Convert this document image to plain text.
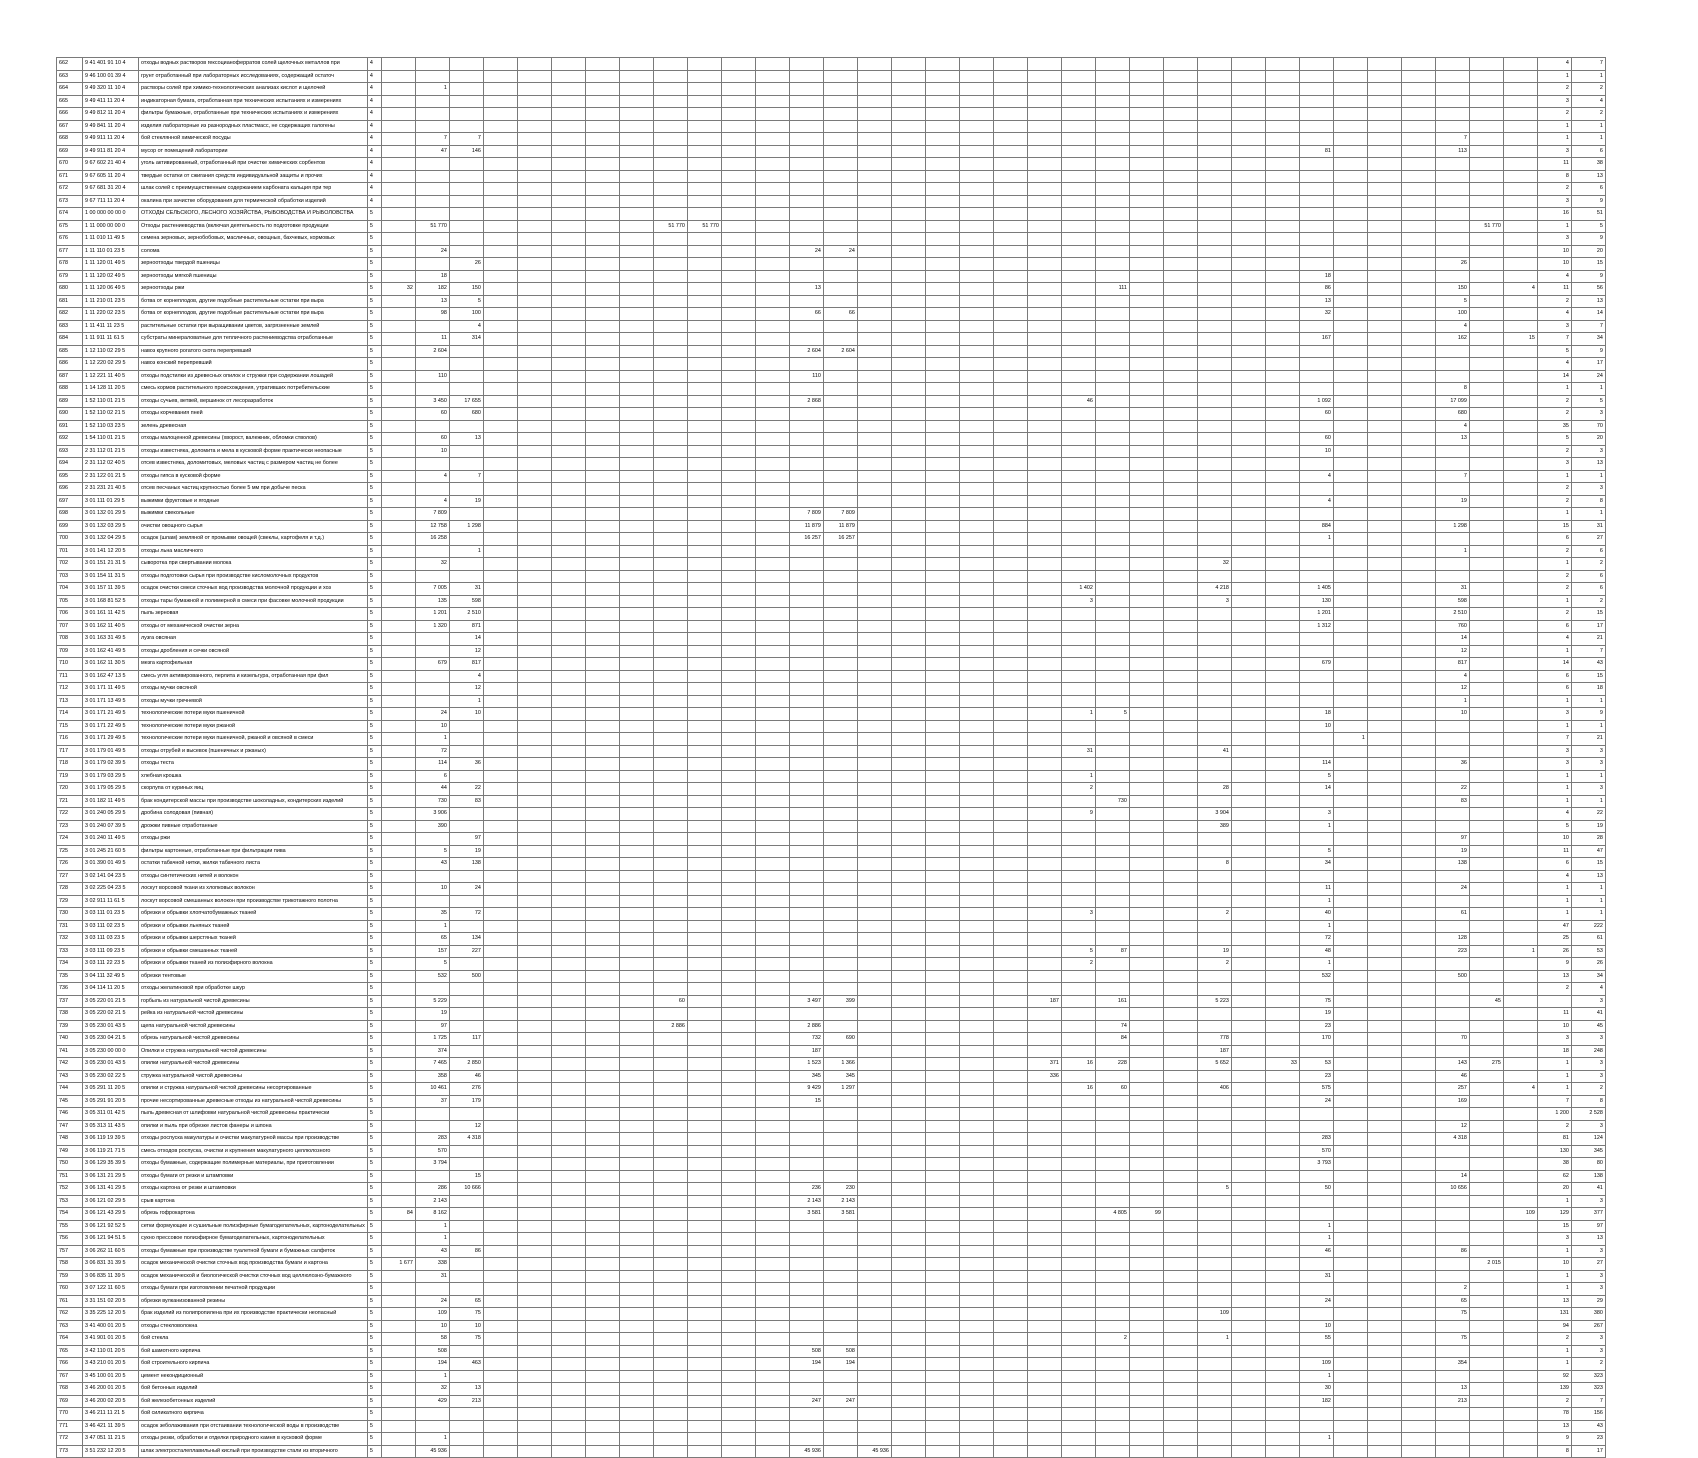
662	9 41 401 91 10 4	отходы водных растворов гексоцианоферратов солей щелочных металлов при	4																																			4	7
663	9 46 100 01 39 4	грунт отработанный при лабораторных исследованиях, содержащий остаточ	4																																			1	1
664	9 49 320 11 10 4	растворы солей при химико-технологических анализах кислот и щелочей	4		1																																	2	2
665	9 49 411 11 20 4	индикаторная бумага, отработанная при технических испытаниях и измерениях	4																																			3	4
666	9 49 812 11 20 4	фильтры бумажные, отработанные при технических испытаниях и измерениях	4																																			2	2
667	9 49 841 11 20 4	изделия лабораторные из разнородных пластмасс, не содержащих галогены	4																																			1	1
668	9 49 911 11 20 4	бой стеклянной химической посуды	4		7	7																													7			1	1
669	9 49 911 81 20 4	мусор от помещений лаборатории	4		47	146																									81				113			3	6
670	9 67 602 21 40 4	уголь активированный, отработанный при очистке химических сорбентов	4																																			11	38
671	9 67 605 11 20 4	твердые остатки от сжигания средств индивидуальной защиты и прочих	4																																			8	13
672	9 67 681 31 20 4	шлак солей с преимущественным содержанием карбоната кальция при тер	4																																			2	6
673	9 67 711 11 20 4	окалина при зачистке оборудования для термической обработки изделий	4																																			3	9
674	1 00 000 00 00 0	ОТХОДЫ СЕЛЬСКОГО, ЛЕСНОГО ХОЗЯЙСТВА, РЫБОВОДСТВА И РЫБОЛОВСТВА	5																																			16	51
675	1 11 000 00 00 0	Отходы растениеводства (включая деятельность по подготовке продукции	5		51 770							51 770	51 770																							51 770		1	5
676	1 11 010 11 49 5	семена зерновых, зернобобовых, масличных, овощных, бахчевых, кормовых	5																																			3	9
677	1 11 110 01 23 5	солома	5		24											24	24																					10	20
678	1 11 120 01 49 5	зерноотходы твердой пшеницы	5			26																													26			10	15
679	1 11 120 02 49 5	зерноотходы мягкой пшеницы	5		18																										18							4	9
680	1 11 120 06 49 5	зерноотходы ржи	5	32	182	150										13									111						86				150		4	11	56
681	1 11 210 01 23 5	ботва от корнеплодов, другие подобные растительные остатки при выра	5		13	5																									13				5			2	13
682	1 11 220 02 23 5	ботва от корнеплодов, другие подобные растительные остатки при выра	5		98	100										66	66														32				100			4	14
683	1 11 411 11 23 5	растительные остатки при выращивании цветов, загрязненные землей	5			4																													4			3	7
684	1 11 911 11 61 5	субстраты минераловатные для тепличного растениеводства отработанные	5		11	314																									167				162		15	7	34
685	1 12 110 02 29 5	навоз крупного рогатого скота перепревший	5		2 604											2 604	2 604																					5	9
686	1 12 220 02 29 5	навоз конский перепревший	5																																			4	17
687	1 12 221 11 40 5	отходы подстилки из древесных опилок и стружки при содержании лошадей	5		110											110																						14	24
688	1 14 128 11 20 5	смесь кормов растительного происхождения, утративших потребительские	5																																8			1	1
689	1 52 110 01 21 5	отходы сучьев, ветвей, вершинок от лесоразработок	5		3 450	17 655										2 868								46							1 092				17 099			2	5
690	1 52 110 02 21 5	отходы корчевания пней	5		60	680																									60				680			2	3
691	1 52 110 03 23 5	зелень древесная	5																																4			35	70
692	1 54 110 01 21 5	отходы малоценной древесины (хворост, валежник, обломки стволов)	5		60	13																									60				13			5	20
693	2 31 112 01 21 5	отходы известняка, доломита и мела в кусковой форме практически неопасные	5		10																										10							2	3
694	2 31 112 02 40 5	отсев известняка, доломитовых, меловых частиц с размером частиц не более	5																																			3	13
695	2 31 122 01 21 5	отходы гипса в кусковой форме	5		4	7																									4				7			1	1
696	2 31 231 21 40 5	отсев песчаных частиц крупностью более 5 мм при добыче песка	5																																			2	3
697	3 01 111 01 29 5	выжимки фруктовые и ягодные	5		4	19																									4				19			2	8
698	3 01 132 01 29 5	выжимки свекольные	5		7 809											7 809	7 809																					1	1
699	3 01 132 03 29 5	очистки овощного сырья	5		12 758	1 298										11 879	11 879														884				1 298			15	31
700	3 01 132 04 29 5	осадок (шлам) земляной от промывки овощей (свеклы, картофеля и т.д.)	5		16 258											16 257	16 257														1							6	27
701	3 01 141 12 20 5	отходы льна масличного	5			1																													1			2	6
702	3 01 151 21 31 5	сыворотка при свертывании молока	5		32																							32										1	2
703	3 01 154 11 31 5	отходы подготовки сырья при производстве кисломолочных продуктов	5																																			2	6
704	3 01 157 11 39 5	осадок очистки смеси сточных вод производства молочной продукции и хоз	5		7 005	31																		1 402				4 218			1 405				31			2	6
705	3 01 168 81 52 5	отходы тары бумажной и полимерной в смеси при фасовке молочной продукции	5		135	598																		3				3			130				598			1	2
706	3 01 161 11 42 5	пыль зерновая	5		1 201	2 510																									1 201				2 510			2	15
707	3 01 162 11 40 5	отходы от механической очистки зерна	5		1 320	871																									1 312				760			6	17
708	3 01 163 31 49 5	лузга овсяная	5			14																													14			4	21
709	3 01 162 41 49 5	отходы дробления и сечки овсяной	5			12																													12			1	7
710	3 01 162 11 30 5	мезга картофельная	5		679	817																									679				817			14	43
711	3 01 162 47 13 5	смесь угля активированного, перлита и кизельгура, отработанная при фил	5			4																													4			6	15
712	3 01 171 11 49 5	отходы мучки овсяной	5			12																													12			6	18
713	3 01 171 13 49 5	отходы мучки гречневой	5			1																													1			1	1
714	3 01 171 21 49 5	технологические потери муки пшеничной	5		24	10																		1	5						18				10			3	9
715	3 01 171 22 49 5	технологические потери муки ржаной	5		10																										10							1	1
716	3 01 171 29 49 5	технологические потери муки пшеничной, ржаной и овсяной в смеси	5		1																											1						7	21
717	3 01 179 01 49 5	отходы отрубей и высевок (пшеничных и ржаных)	5		72																			31				41										3	3
718	3 01 179 02 39 5	отходы теста	5		114	36																									114				36			3	3
719	3 01 179 03 29 5	хлебная крошка	5		6																			1							5							1	1
720	3 01 179 05 29 5	скорлупа от куриных яиц	5		44	22																		2				28			14				22			1	3
721	3 01 182 11 49 5	брак кондитерской массы при производстве шоколадных, кондитерских изделий	5		730	83																			730										83			1	1
722	3 01 240 05 29 5	дробина солодовая (пивная)	5		3 906																			9				3 904			3							4	22
723	3 01 240 07 39 5	дрожжи пивные отработанные	5		390																							389			1							5	19
724	3 01 240 11 49 5	отходы ржи	5			97																													97			10	28
725	3 01 245 21 60 5	фильтры картонные, отработанные при фильтрации пива	5		5	19																									5				19			11	47
726	3 01 390 01 49 5	остатки табачной нитки, жилки табачного листа	5		43	138																						8			34				138			6	15
727	3 02 141 04 23 5	отходы синтетических нитей и волокон	5																																			4	13
728	3 02 225 04 23 5	лоскут ворсовой ткани из хлопковых волокон	5		10	24																									11				24			1	1
729	3 02 911 11 61 5	лоскут ворсовой смешанных волокон при производстве трикотажного полотна	5																												1							1	1
730	3 03 111 01 23 5	обрезки и обрывки хлопчатобумажных тканей	5		35	72																		3				2			40				61			1	1
731	3 03 111 02 23 5	обрезки и обрывки льняных тканей	5		1																										1							47	222
732	3 03 111 03 23 5	обрезки и обрывки шерстяных тканей	5		65	134																									72				128			25	61
733	3 03 111 09 23 5	обрезки и обрывки смешанных тканей	5		157	227																		5	87			19			48				223		1	26	53
734	3 03 111 22 23 5	обрезки и обрывки тканей из полиэфирного волокна	5		5																			2				2			1							9	26
735	3 04 111 32 49 5	обрезки тентовые	5		532	500																									532				500			13	34
736	3 04 114 11 20 5	отходы желатиновой при обработке шкур	5																																			2	4
737	3 05 220 01 21 5	горбыль из натуральной чистой древесины	5		5 229							60				3 497	399						187		161			5 223			75					45			3
738	3 05 220 02 21 5	рейка из натуральной чистой древесины	5		19																										19							11	41
739	3 05 230 01 43 5	щепа натуральной чистой древесины	5		97							2 886				2 886									74						23							10	45
740	3 05 230 04 21 5	обрезь натуральной чистой древесины	5		1 725	117										732	690								84			778			170				70			3	3
741	3 05 230 00 00 0	Опилки и стружка натуральной чистой древесины	5		374											187												187										18	248
742	3 05 230 01 43 5	опилки натуральной чистой древесины	5		7 465	2 850										1 523	1 366						371	16	228			5 652		33	53				143	275		1	3
743	3 05 230 02 22 5	стружка натуральной чистой древесины	5		358	46										345	345						336								23				46			1	3
744	3 05 291 11 20 5	опилки и стружка натуральной чистой древесины несортированные	5		10 461	276										9 429	1 297							16	60			406			575				257		4	1	2
745	3 05 291 91 20 5	прочие несортированные древесные отходы из натуральной чистой древесины	5		37	179										15															24				169			7	8
746	3 05 311 01 42 5	пыль древесная от шлифовки натуральной чистой древесины практически	5																																			1 200	2 528
747	3 05 313 11 43 5	опилки и пыль при обрезке листов фанеры и шпона	5			12																													12			2	3
748	3 06 119 19 39 5	отходы роспуска макулатуры и очистки макулатурной массы при производстве	5		283	4 318																									283				4 318			81	124
749	3 06 119 21 71 5	смесь отходов роспуска, очистки и крупнения макулатурного целлюлозного	5		570																										570							130	345
750	3 06 129 35 39 5	отходы бумажные, содержащие полимерные материалы, при приготовлении	5		3 794																										3 793							38	80
751	3 06 131 21 29 5	отходы бумаги от резки и штамповки	5			15																													14			62	138
752	3 06 131 41 29 5	отходы картона от резки и штамповки	5		286	10 666										236	230											5			50				10 656			20	41
753	3 06 121 02 29 5	срыв картона	5		2 143											2 143	2 143																					1	3
754	3 06 121 43 29 5	обрезь гофрокартона	5	84	8 162											3 581	3 581								4 805	99											109	129	377
755	3 06 121 92 52 5	сетки формующие и сушильные полиэфирные бумагоделательных, картоноделательных	5		1																										1							15	97
756	3 06 121 94 51 5	сукно прессовое полиэфирное бумагоделательных, картоноделательных	5		1																										1							3	13
757	3 06 262 11 60 5	отходы бумажные при производстве туалетной бумаги и бумажных салфеток	5		43	86																									46				86			1	3
758	3 06 831 31 39 5	осадок механической очистки сточных вод производства бумаги и картона	5	1 677	338																															2 015		10	27
759	3 06 835 11 39 5	осадок механической и биологической очистки сточных вод целлюлозно-бумажного	5		31																										31							1	3
760	3 07 122 11 60 5	отходы бумаги при изготовлении печатной продукции	5																																2			1	3
761	3 31 151 02 20 5	обрезки вулканизованной резины	5		24	65																									24				65			13	29
762	3 35 225 12 20 5	брак изделий из полипропилена при их производстве практически неопасный	5		109	75																						109							75			131	380
763	3 41 400 01 20 5	отходы стекловолокна	5		10	10																									10							94	267
764	3 41 901 01 20 5	бой стекла	5		58	75																			2			1			55				75			2	3
765	3 42 110 01 20 5	бой шамотного кирпича	5		508											508	508																					1	3
766	3 43 210 01 20 5	бой строительного кирпича	5		194	463										194	194														109				354			1	2
767	3 45 100 01 20 5	цемент некондиционный	5		1																										1							92	323
768	3 46 200 01 20 5	бой бетонных изделий	5		32	13																									30				13			139	323
769	3 46 200 02 20 5	бой железобетонных изделий	5		429	213										247	247														182				213			2	7
770	3 46 211 11 21 5	бой силикатного кирпича	5																																			78	156
771	3 46 421 11 39 5	осадок зеболаживания при отстаивании технологической воды в производстве	5																																			13	43
772	3 47 051 11 21 5	отходы резки, обработки и отделки природного камня в кусковой форме	5		1																										1							9	23
773	3 51 232 12 20 5	шлак электросталеплавильный кислый при производстве стали из вторичного	5		45 936											45 936		45 936																				8	17
